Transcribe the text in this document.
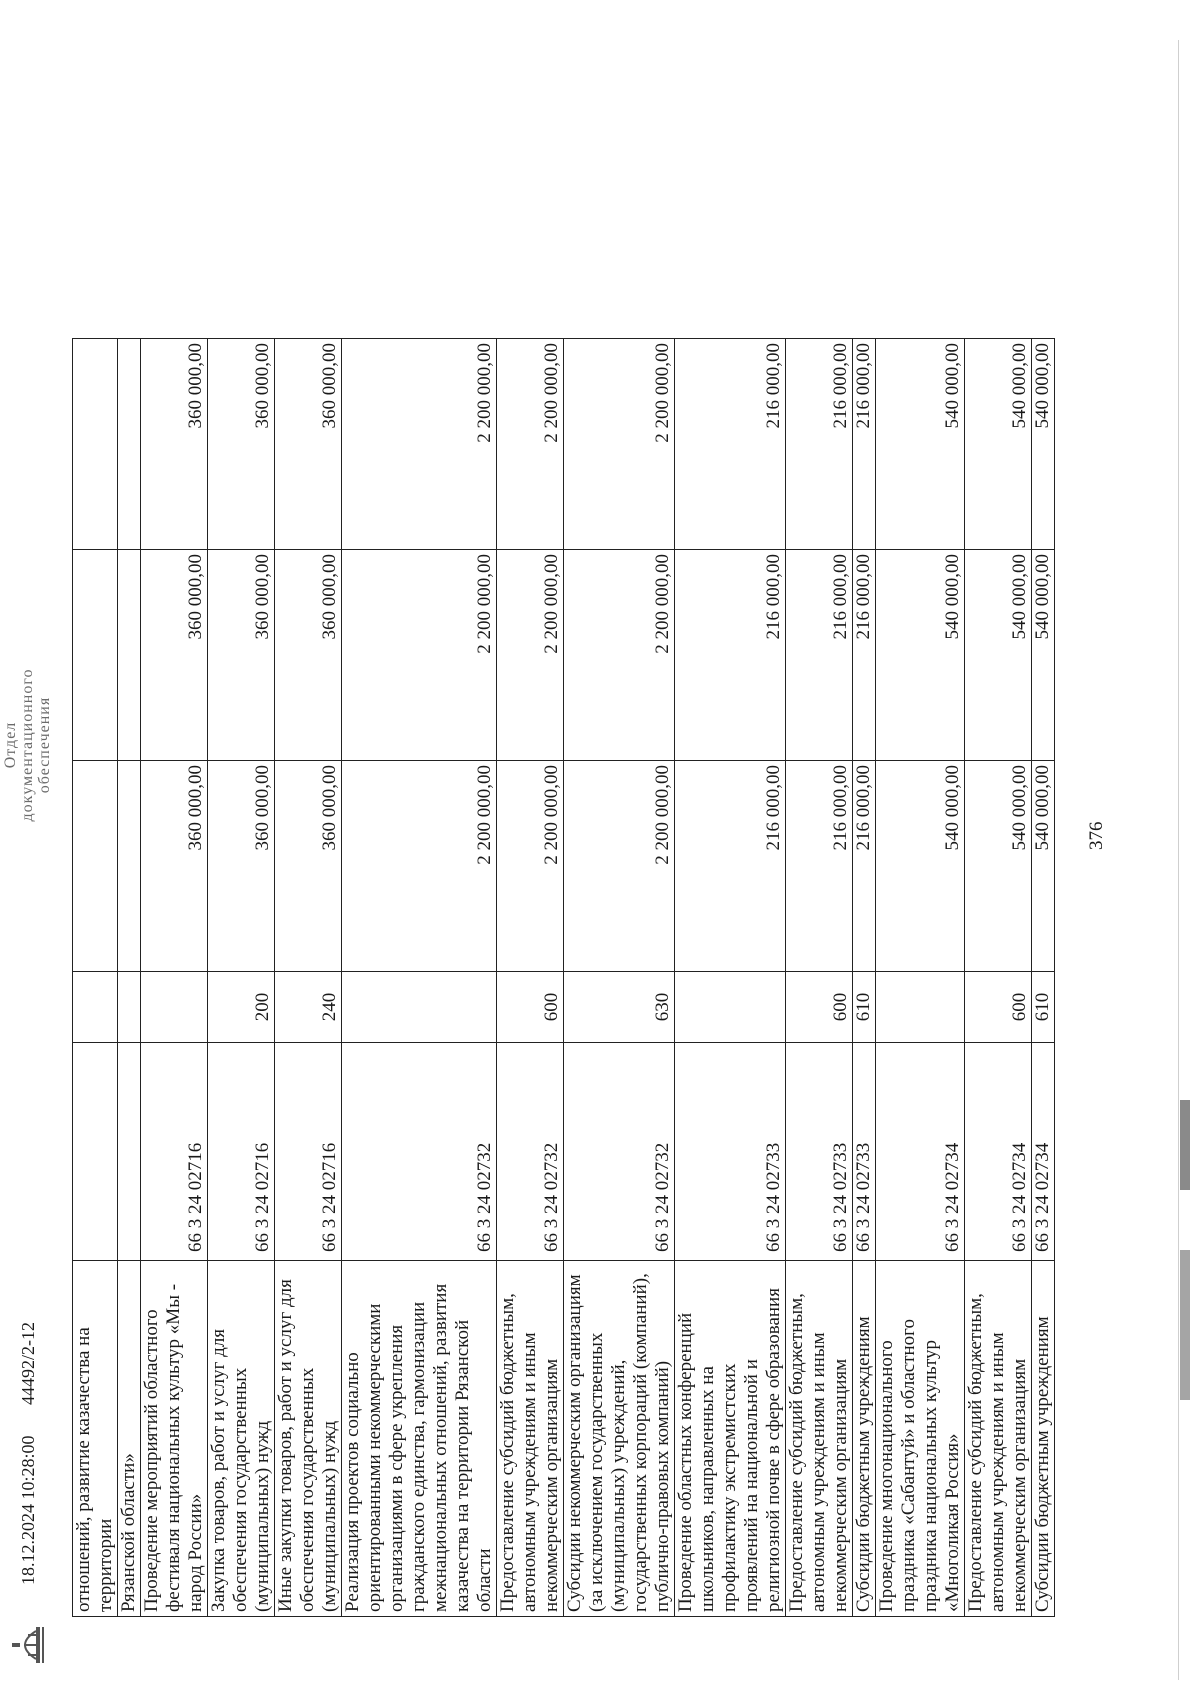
376
отношений, развитие казачества на территории					
Рязанской области»					
Проведение мероприятий областного фестиваля национальных культур «Мы - народ России»	66 3 24 02716		360 000,00	360 000,00	360 000,00
Закупка товаров, работ и услуг для обеспечения государственных (муниципальных) нужд	66 3 24 02716	200	360 000,00	360 000,00	360 000,00
Иные закупки товаров, работ и услуг для обеспечения государственных (муниципальных) нужд	66 3 24 02716	240	360 000,00	360 000,00	360 000,00
Реализация проектов социально ориентированными некоммерческими организациями в сфере укрепления гражданского единства, гармонизации межнациональных отношений, развития казачества на территории Рязанской области	66 3 24 02732		2 200 000,00	2 200 000,00	2 200 000,00
Предоставление субсидий бюджетным, автономным учреждениям и иным некоммерческим организациям	66 3 24 02732	600	2 200 000,00	2 200 000,00	2 200 000,00
Субсидии некоммерческим организациям (за исключением государственных (муниципальных) учреждений, государственных корпораций (компаний), публично-правовых компаний)	66 3 24 02732	630	2 200 000,00	2 200 000,00	2 200 000,00
Проведение областных конференций школьников, направленных на профилактику экстремистских проявлений на национальной и религиозной почве в сфере образования	66 3 24 02733		216 000,00	216 000,00	216 000,00
Предоставление субсидий бюджетным, автономным учреждениям и иным некоммерческим организациям	66 3 24 02733	600	216 000,00	216 000,00	216 000,00
Субсидии бюджетным учреждениям	66 3 24 02733	610	216 000,00	216 000,00	216 000,00
Проведение многонационального праздника «Сабантуй» и областного праздника национальных культур «Многоликая Россия»	66 3 24 02734		540 000,00	540 000,00	540 000,00
Предоставление субсидий бюджетным, автономным учреждениям и иным некоммерческим организациям	66 3 24 02734	600	540 000,00	540 000,00	540 000,00
Субсидии бюджетным учреждениям	66 3 24 02734	610	540 000,00	540 000,00	540 000,00
18.12.2024 10:28:00
44492/2-12
Отдел документационного обеспечения
